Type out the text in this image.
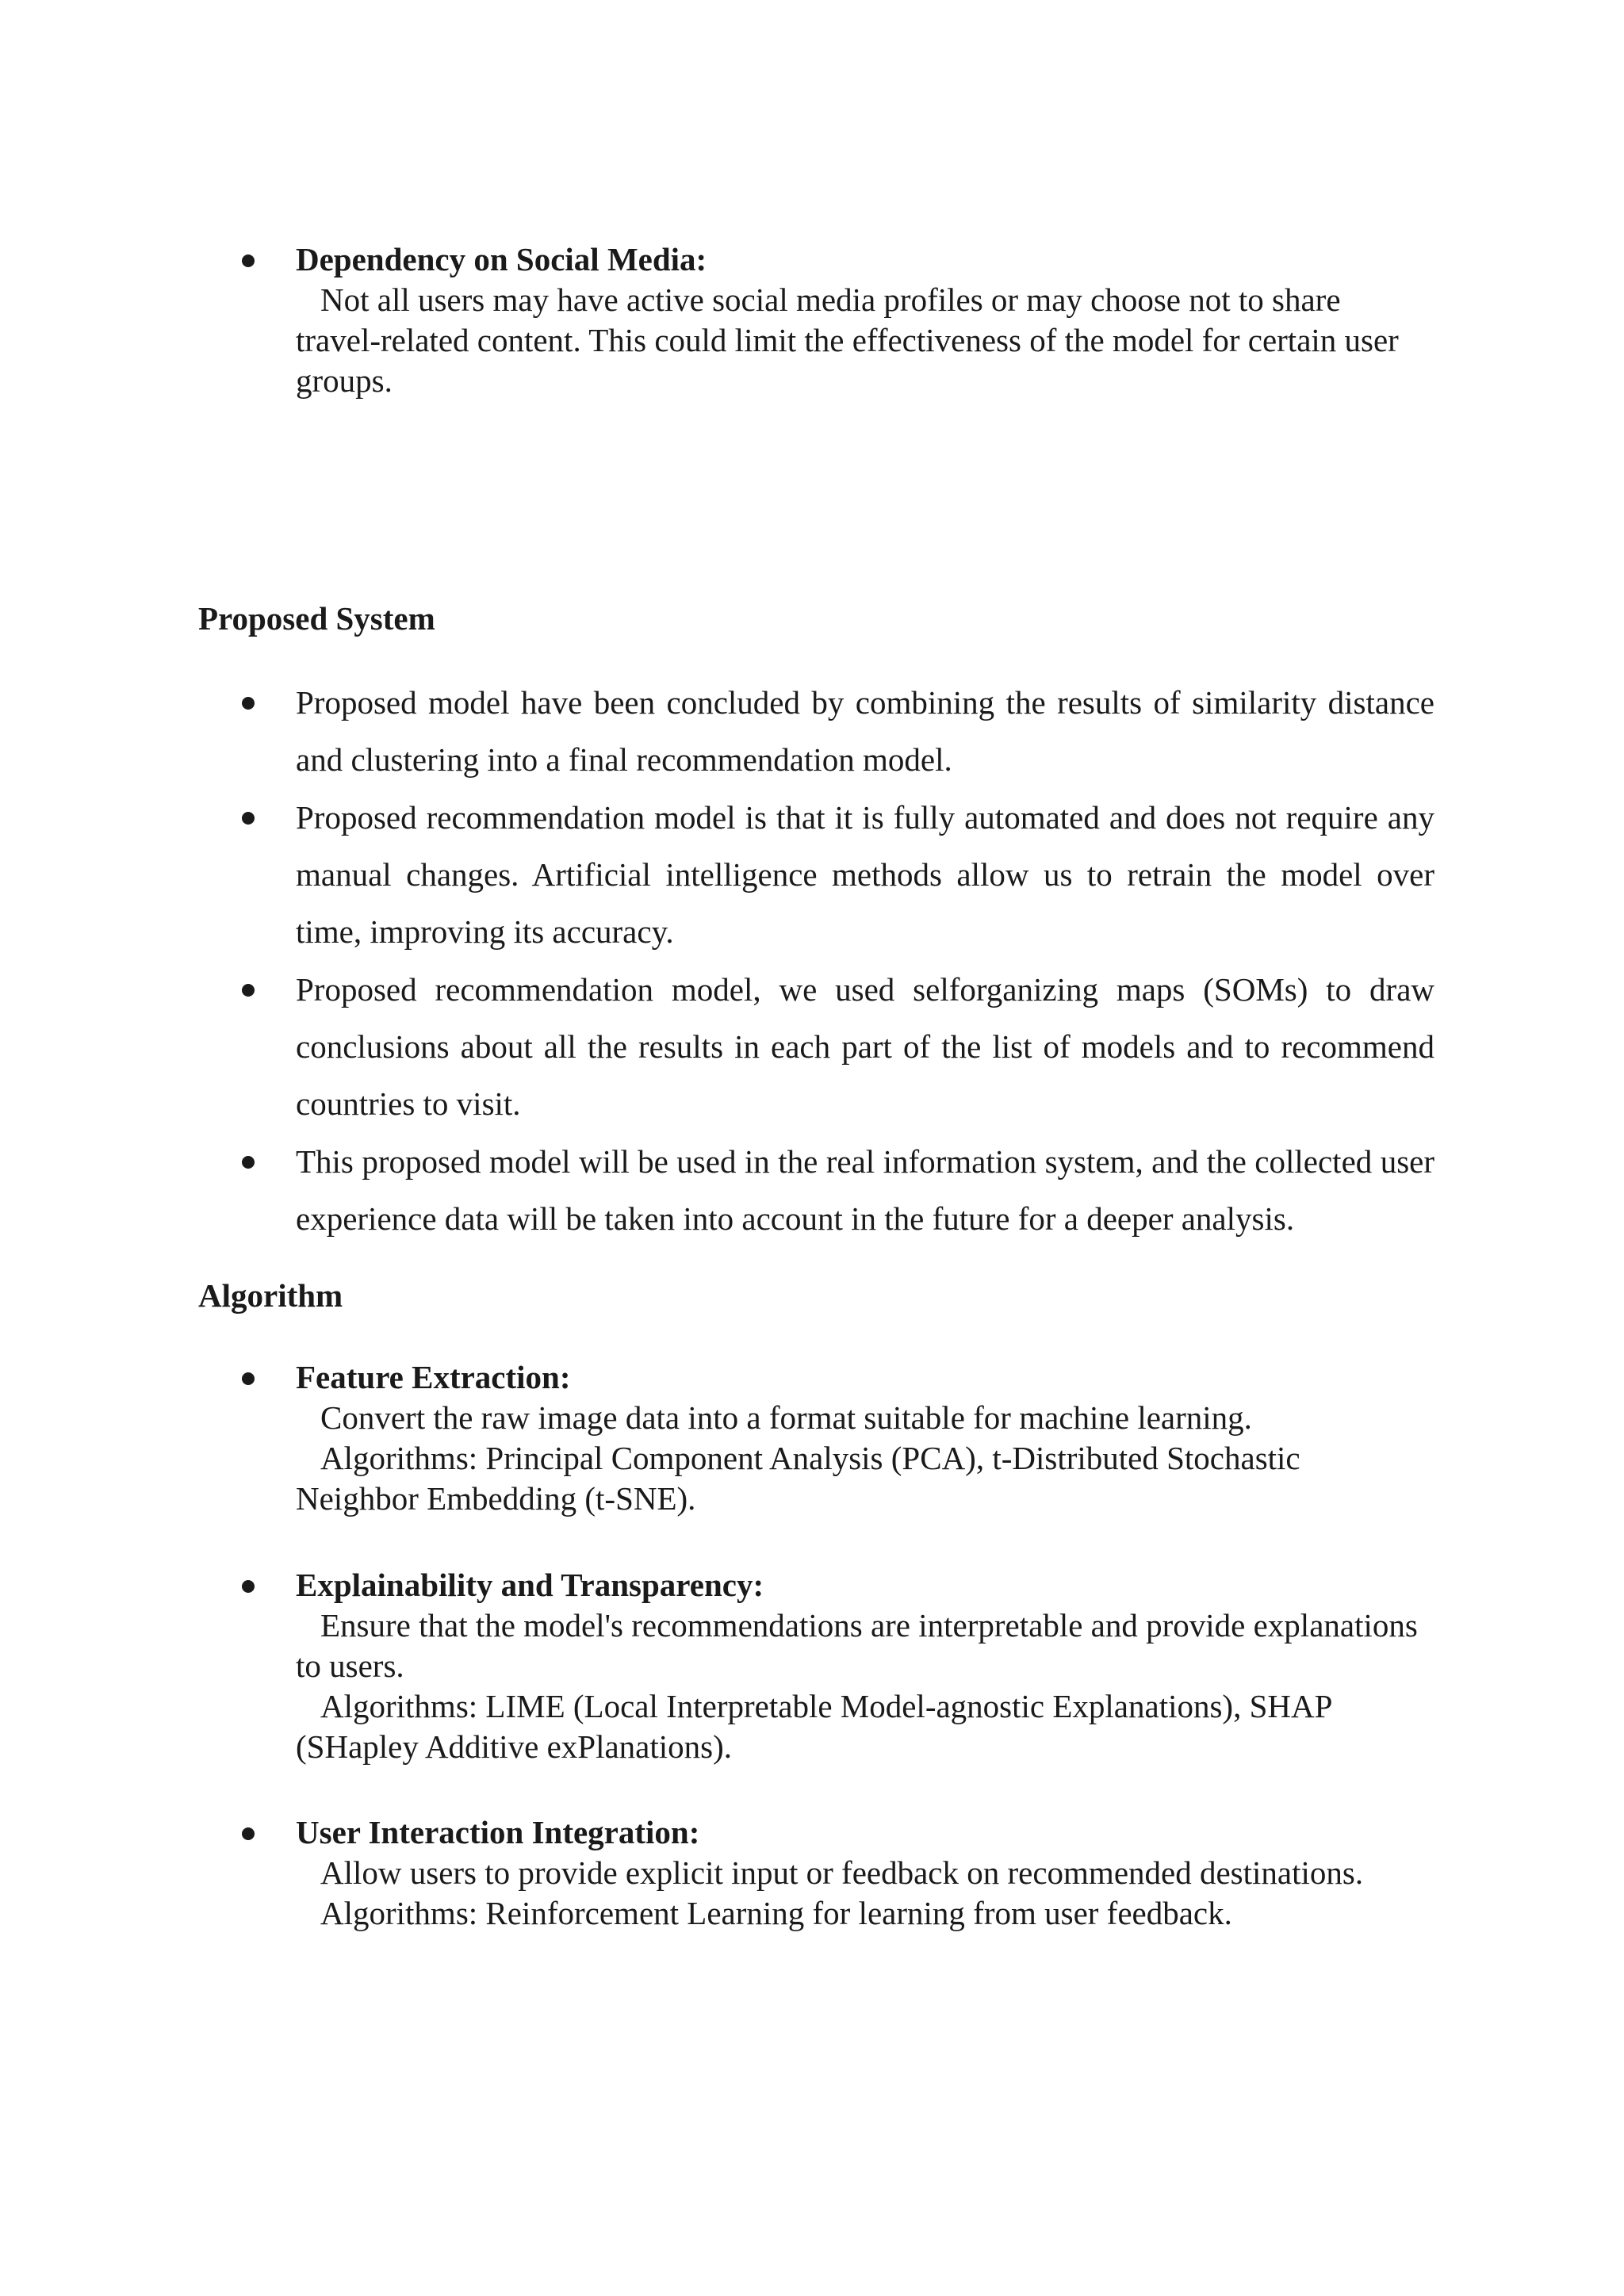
Dependency on Social Media:

Not all users may have active social media profiles or may choose not to share

travel-related content. This could limit the effectiveness of the model for certain user

groups.

Proposed System

Proposed model have been concluded by combining the results of similarity distance and clustering into a final recommendation model.

Proposed recommendation model is that it is fully automated and does not require any manual changes. Artificial intelligence methods allow us to retrain the model over time, improving its accuracy.

Proposed recommendation model, we used selforganizing maps (SOMs) to draw conclusions about all the results in each part of the list of models and to recommend countries to visit.

This proposed model will be used in the real information system, and the collected user experience data will be taken into account in the future for a deeper analysis.

Algorithm

Feature Extraction:

Convert the raw image data into a format suitable for machine learning.

Algorithms: Principal Component Analysis (PCA), t-Distributed Stochastic

Neighbor Embedding (t-SNE).

Explainability and Transparency:

Ensure that the model's recommendations are interpretable and provide explanations

to users.

Algorithms: LIME (Local Interpretable Model-agnostic Explanations), SHAP

(SHapley Additive exPlanations).

User Interaction Integration:

Allow users to provide explicit input or feedback on recommended destinations.

Algorithms: Reinforcement Learning for learning from user feedback.
